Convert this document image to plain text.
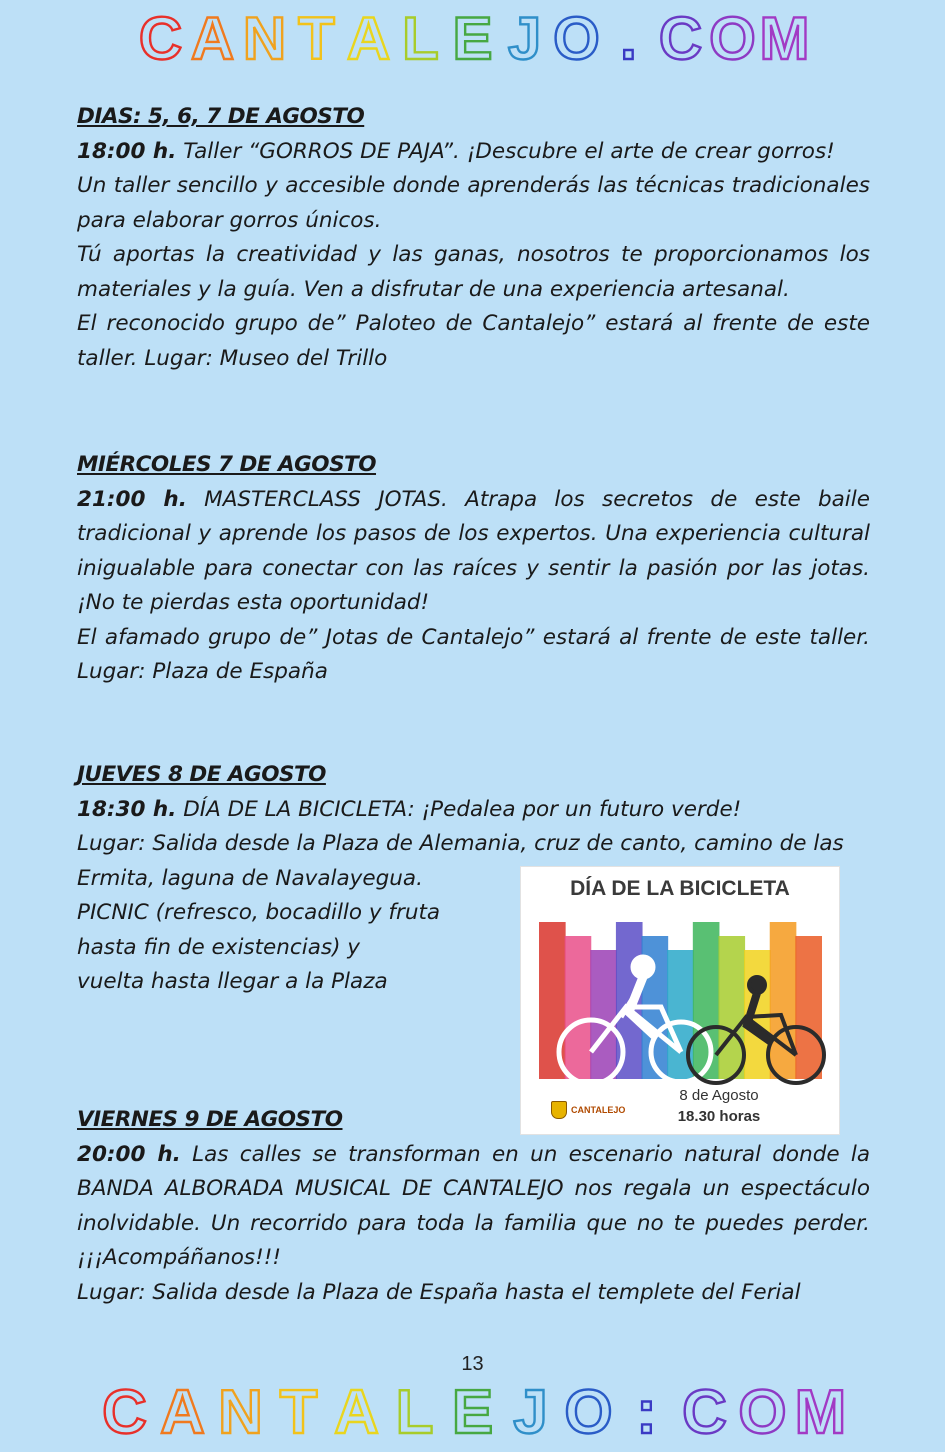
C A N T A L E J O . C O M
DIAS: 5, 6, 7 DE AGOSTO

18:00 h. Taller “GORROS DE PAJA”. ¡Descubre el arte de crear gorros!

Un taller sencillo y accesible donde aprenderás las técnicas tradicionales para elaborar gorros únicos.

Tú aportas la creatividad y las ganas, nosotros te proporcionamos los materiales y la guía. Ven a disfrutar de una experiencia artesanal.

El reconocido grupo de” Paloteo de Cantalejo” estará al frente de este taller. Lugar: Museo del Trillo

MIÉRCOLES 7 DE AGOSTO

21:00 h. MASTERCLASS JOTAS. Atrapa los secretos de este baile tradicional y aprende los pasos de los expertos. Una experiencia cultural inigualable para conectar con las raíces y sentir la pasión por las jotas. ¡No te pierdas esta oportunidad!

El afamado grupo de” Jotas de Cantalejo” estará al frente de este taller. Lugar: Plaza de España

JUEVES 8 DE AGOSTO

18:30 h. DÍA DE LA BICICLETA: ¡Pedalea por un futuro verde!

Lugar: Salida desde la Plaza de Alemania, cruz de canto, camino de las

Ermita, laguna de Navalayegua.

PICNIC (refresco, bocadillo y fruta

hasta fin de existencias) y

vuelta hasta llegar a la Plaza

VIERNES 9 DE AGOSTO

20:00 h. Las calles se transforman en un escenario natural donde la BANDA ALBORADA MUSICAL DE CANTALEJO nos regala un espectáculo inolvidable. Un recorrido para toda la familia que no te puedes perder. ¡¡¡Acompáñanos!!!

Lugar: Salida desde la Plaza de España hasta el templete del Ferial

DÍA DE LA BICICLETA
CANTALEJO
8 de Agosto
18.30 horas
13
C A N T A L E J O : C O M
